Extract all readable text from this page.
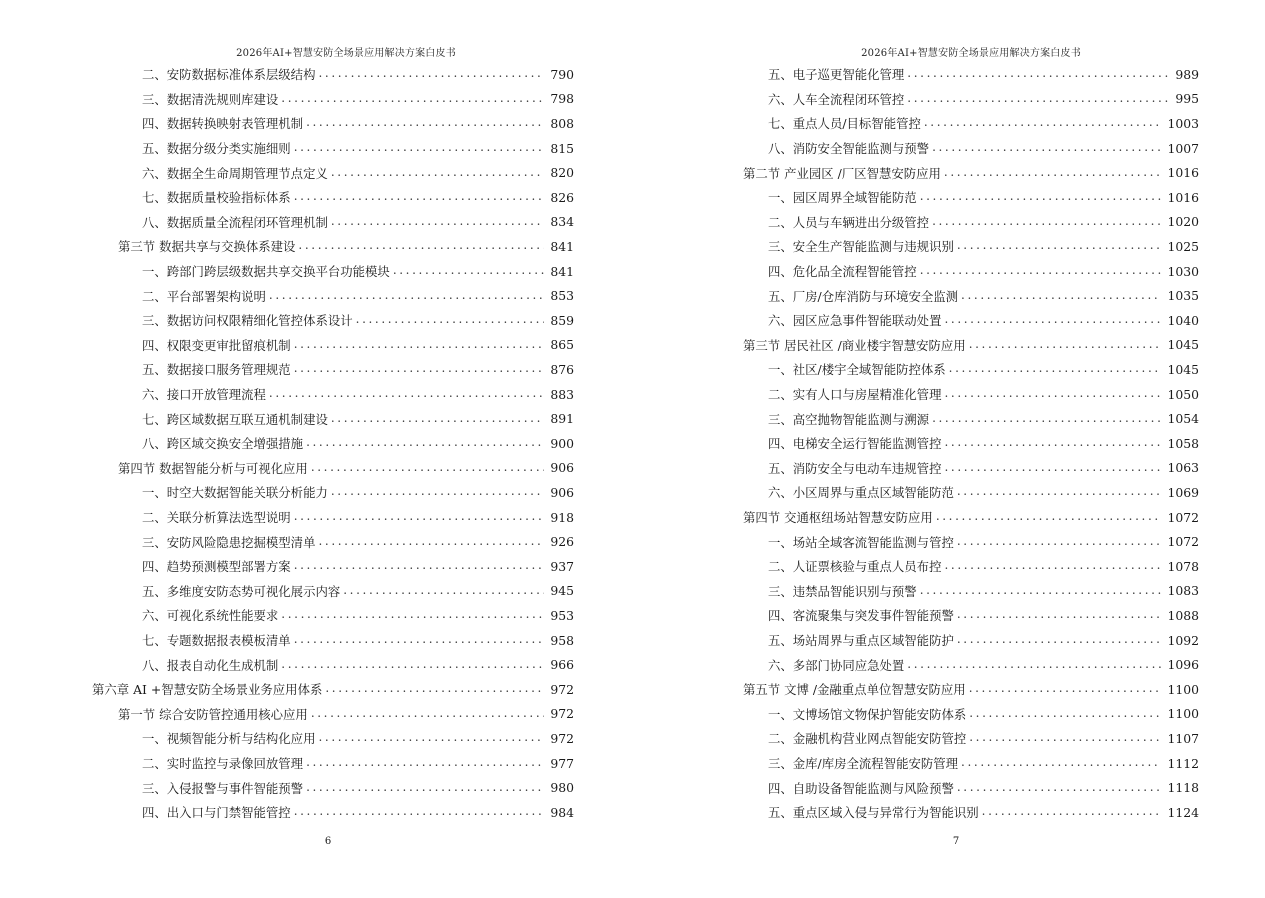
2026年AI+智慧安防全场景应用解决方案白皮书
二、安防数据标准体系层级结构 . . .	790
三、数据清洗规则库建设 . . .	798
四、数据转换映射表管理机制 . . .	808
五、数据分级分类实施细则 . . .	815
六、数据全生命周期管理节点定义 . . .	820
七、数据质量校验指标体系 . . .	826
八、数据质量全流程闭环管理机制 . . .	834
第三节 数据共享与交换体系建设 . . .	841
一、跨部门跨层级数据共享交换平台功能模块 . . .	841
二、平台部署架构说明 . . .	853
三、数据访问权限精细化管控体系设计 . . .	859
四、权限变更审批留痕机制 . . .	865
五、数据接口服务管理规范 . . .	876
六、接口开放管理流程 . . .	883
七、跨区域数据互联互通机制建设 . . .	891
八、跨区域交换安全增强措施 . . .	900
第四节 数据智能分析与可视化应用 . . .	906
一、时空大数据智能关联分析能力 . . .	906
二、关联分析算法选型说明 . . .	918
三、安防风险隐患挖掘模型清单 . . .	926
四、趋势预测模型部署方案 . . .	937
五、多维度安防态势可视化展示内容 . . .	945
六、可视化系统性能要求 . . .	953
七、专题数据报表模板清单 . . .	958
八、报表自动化生成机制 . . .	966
第六章 AI +智慧安防全场景业务应用体系 . . .	972
第一节 综合安防管控通用核心应用 . . .	972
一、视频智能分析与结构化应用 . . .	972
二、实时监控与录像回放管理 . . .	977
三、入侵报警与事件智能预警 . . .	980
四、出入口与门禁智能管控 . . .	984
6
2026年AI+智慧安防全场景应用解决方案白皮书
五、电子巡更智能化管理 . . .	989
六、人车全流程闭环管控 . . .	995
七、重点人员/目标智能管控 . . .	1003
八、消防安全智能监测与预警 . . .	1007
第二节 产业园区 /厂区智慧安防应用 . . .	1016
一、园区周界全域智能防范 . . .	1016
二、人员与车辆进出分级管控 . . .	1020
三、安全生产智能监测与违规识别 . . .	1025
四、危化品全流程智能管控 . . .	1030
五、厂房/仓库消防与环境安全监测 . . .	1035
六、园区应急事件智能联动处置 . . .	1040
第三节 居民社区 /商业楼宇智慧安防应用 . . .	1045
一、社区/楼宇全域智能防控体系 . . .	1045
二、实有人口与房屋精准化管理 . . .	1050
三、高空抛物智能监测与溯源 . . .	1054
四、电梯安全运行智能监测管控 . . .	1058
五、消防安全与电动车违规管控 . . .	1063
六、小区周界与重点区域智能防范 . . .	1069
第四节 交通枢纽场站智慧安防应用 . . .	1072
一、场站全域客流智能监测与管控 . . .	1072
二、人证票核验与重点人员布控 . . .	1078
三、违禁品智能识别与预警 . . .	1083
四、客流聚集与突发事件智能预警 . . .	1088
五、场站周界与重点区域智能防护 . . .	1092
六、多部门协同应急处置 . . .	1096
第五节 文博 /金融重点单位智慧安防应用 . . .	1100
一、文博场馆文物保护智能安防体系 . . .	1100
二、金融机构营业网点智能安防管控 . . .	1107
三、金库/库房全流程智能安防管理 . . .	1112
四、自助设备智能监测与风险预警 . . .	1118
五、重点区域入侵与异常行为智能识别 . . .	1124
7
